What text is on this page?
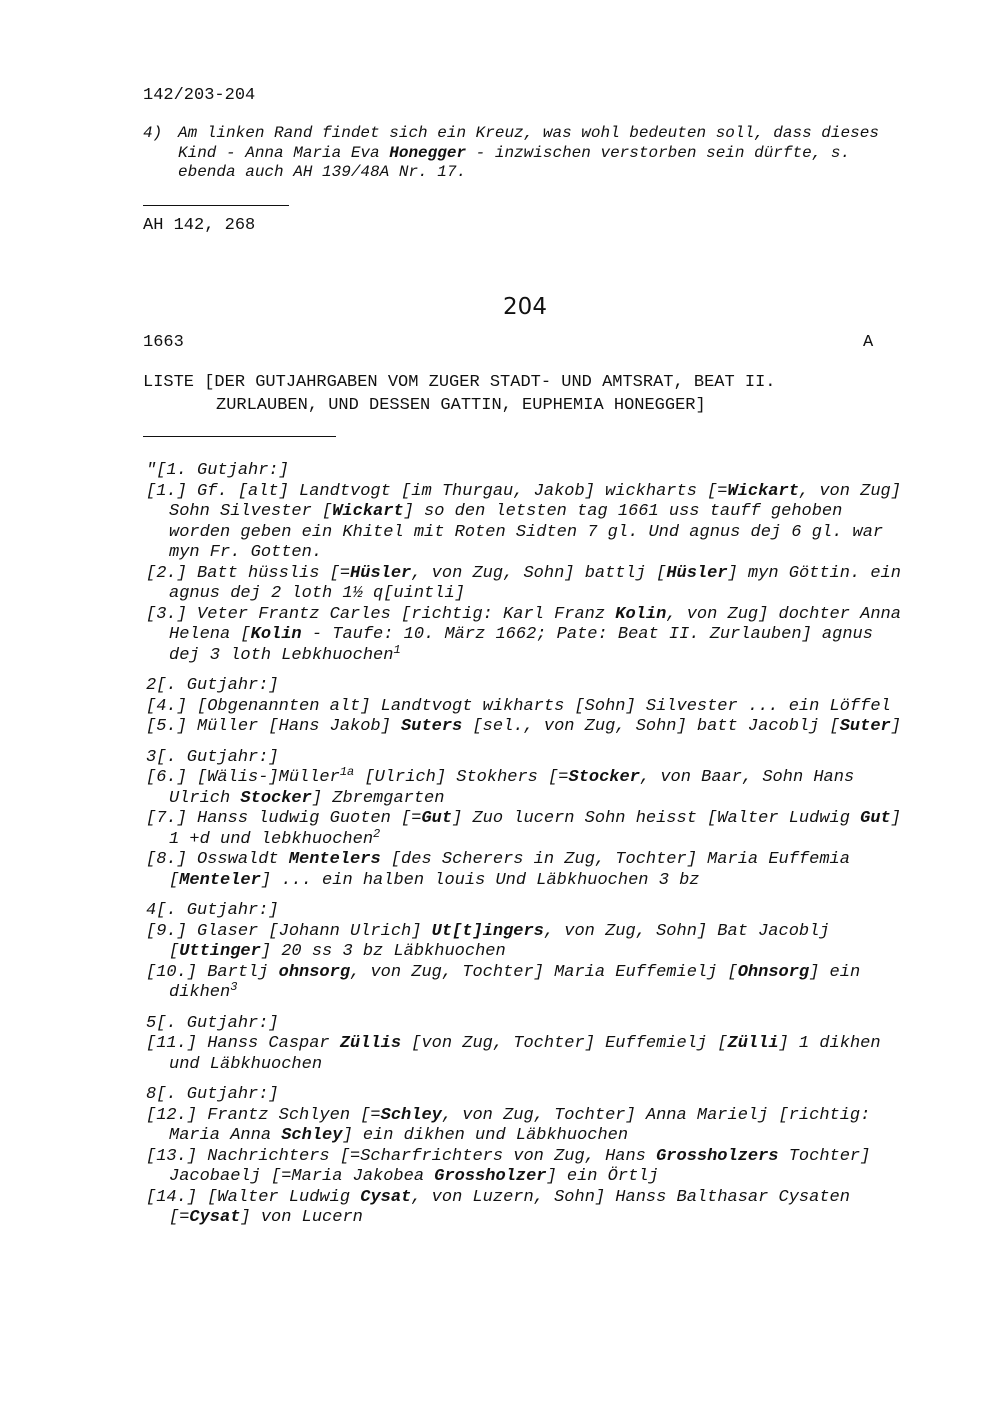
142/203-204
4) Am linken Rand findet sich ein Kreuz, was wohl bedeuten soll, dass dieses Kind - Anna Maria Eva Honegger - inzwischen verstorben sein dürfte, s. ebenda auch AH 139/48A Nr. 17.
AH 142, 268
204
1663	A
LISTE [DER GUTJAHRGABEN VOM ZUGER STADT- UND AMTSRAT, BEAT II.
ZURLAUBEN, UND DESSEN GATTIN, EUPHEMIA HONEGGER]
"[1. Gutjahr:]
[1.] Gf. [alt] Landtvogt [im Thurgau, Jakob] wickharts [=Wickart, von Zug] Sohn Silvester [Wickart] so den letsten tag 1661 uss tauff gehoben worden geben ein Khitel mit Roten Sidten 7 gl. Und agnus dej 6 gl. war myn Fr. Gotten.
[2.] Batt hüsslis [=Hüsler, von Zug, Sohn] battlj [Hüsler] myn Göttin. ein agnus dej 2 loth 1½ q[uintli]
[3.] Veter Frantz Carles [richtig: Karl Franz Kolin, von Zug] dochter Anna Helena [Kolin - Taufe: 10. März 1662; Pate: Beat II. Zurlauben] agnus dej 3 loth Lebkhuochen$^1$
2[. Gutjahr:]
[4.] [Obgenannten alt] Landtvogt wikharts [Sohn] Silvester ... ein Löffel
[5.] Müller [Hans Jakob] Suters [sel., von Zug, Sohn] batt Jacoblj [Suter]
3[. Gutjahr:]
[6.] [Wälis-]Müller$^{1a}$ [Ulrich] Stokhers [=Stocker, von Baar, Sohn Hans Ulrich Stocker] Zbremgarten
[7.] Hanss ludwig Guoten [=Gut] Zuo lucern Sohn heisst [Walter Ludwig Gut] 1 +d und lebkhuochen$^2$
[8.] Osswaldt Mentelers [des Scherers in Zug, Tochter] Maria Euffemia [Menteler] ... ein halben louis Und Läbkhuochen 3 bz
4[. Gutjahr:]
[9.] Glaser [Johann Ulrich] Ut[t]ingers, von Zug, Sohn] Bat Jacoblj [Uttinger] 20 ss 3 bz Läbkhuochen
[10.] Bartlj ohnsorg, von Zug, Tochter] Maria Euffemielj [Ohnsorg] ein dikhen$^3$
5[. Gutjahr:]
[11.] Hanss Caspar Züllis [von Zug, Tochter] Euffemielj [Zülli] 1 dikhen und Läbkhuochen
8[. Gutjahr:]
[12.] Frantz Schlyen [=Schley, von Zug, Tochter] Anna Marielj [richtig: Maria Anna Schley] ein dikhen und Läbkhuochen
[13.] Nachrichters [=Scharfrichters von Zug, Hans Grossholzers Tochter] Jacobaelj [=Maria Jakobea Grossholzer] ein Örtlj
[14.] [Walter Ludwig Cysat, von Luzern, Sohn] Hanss Balthasar Cysaten [=Cysat] von Lucern
